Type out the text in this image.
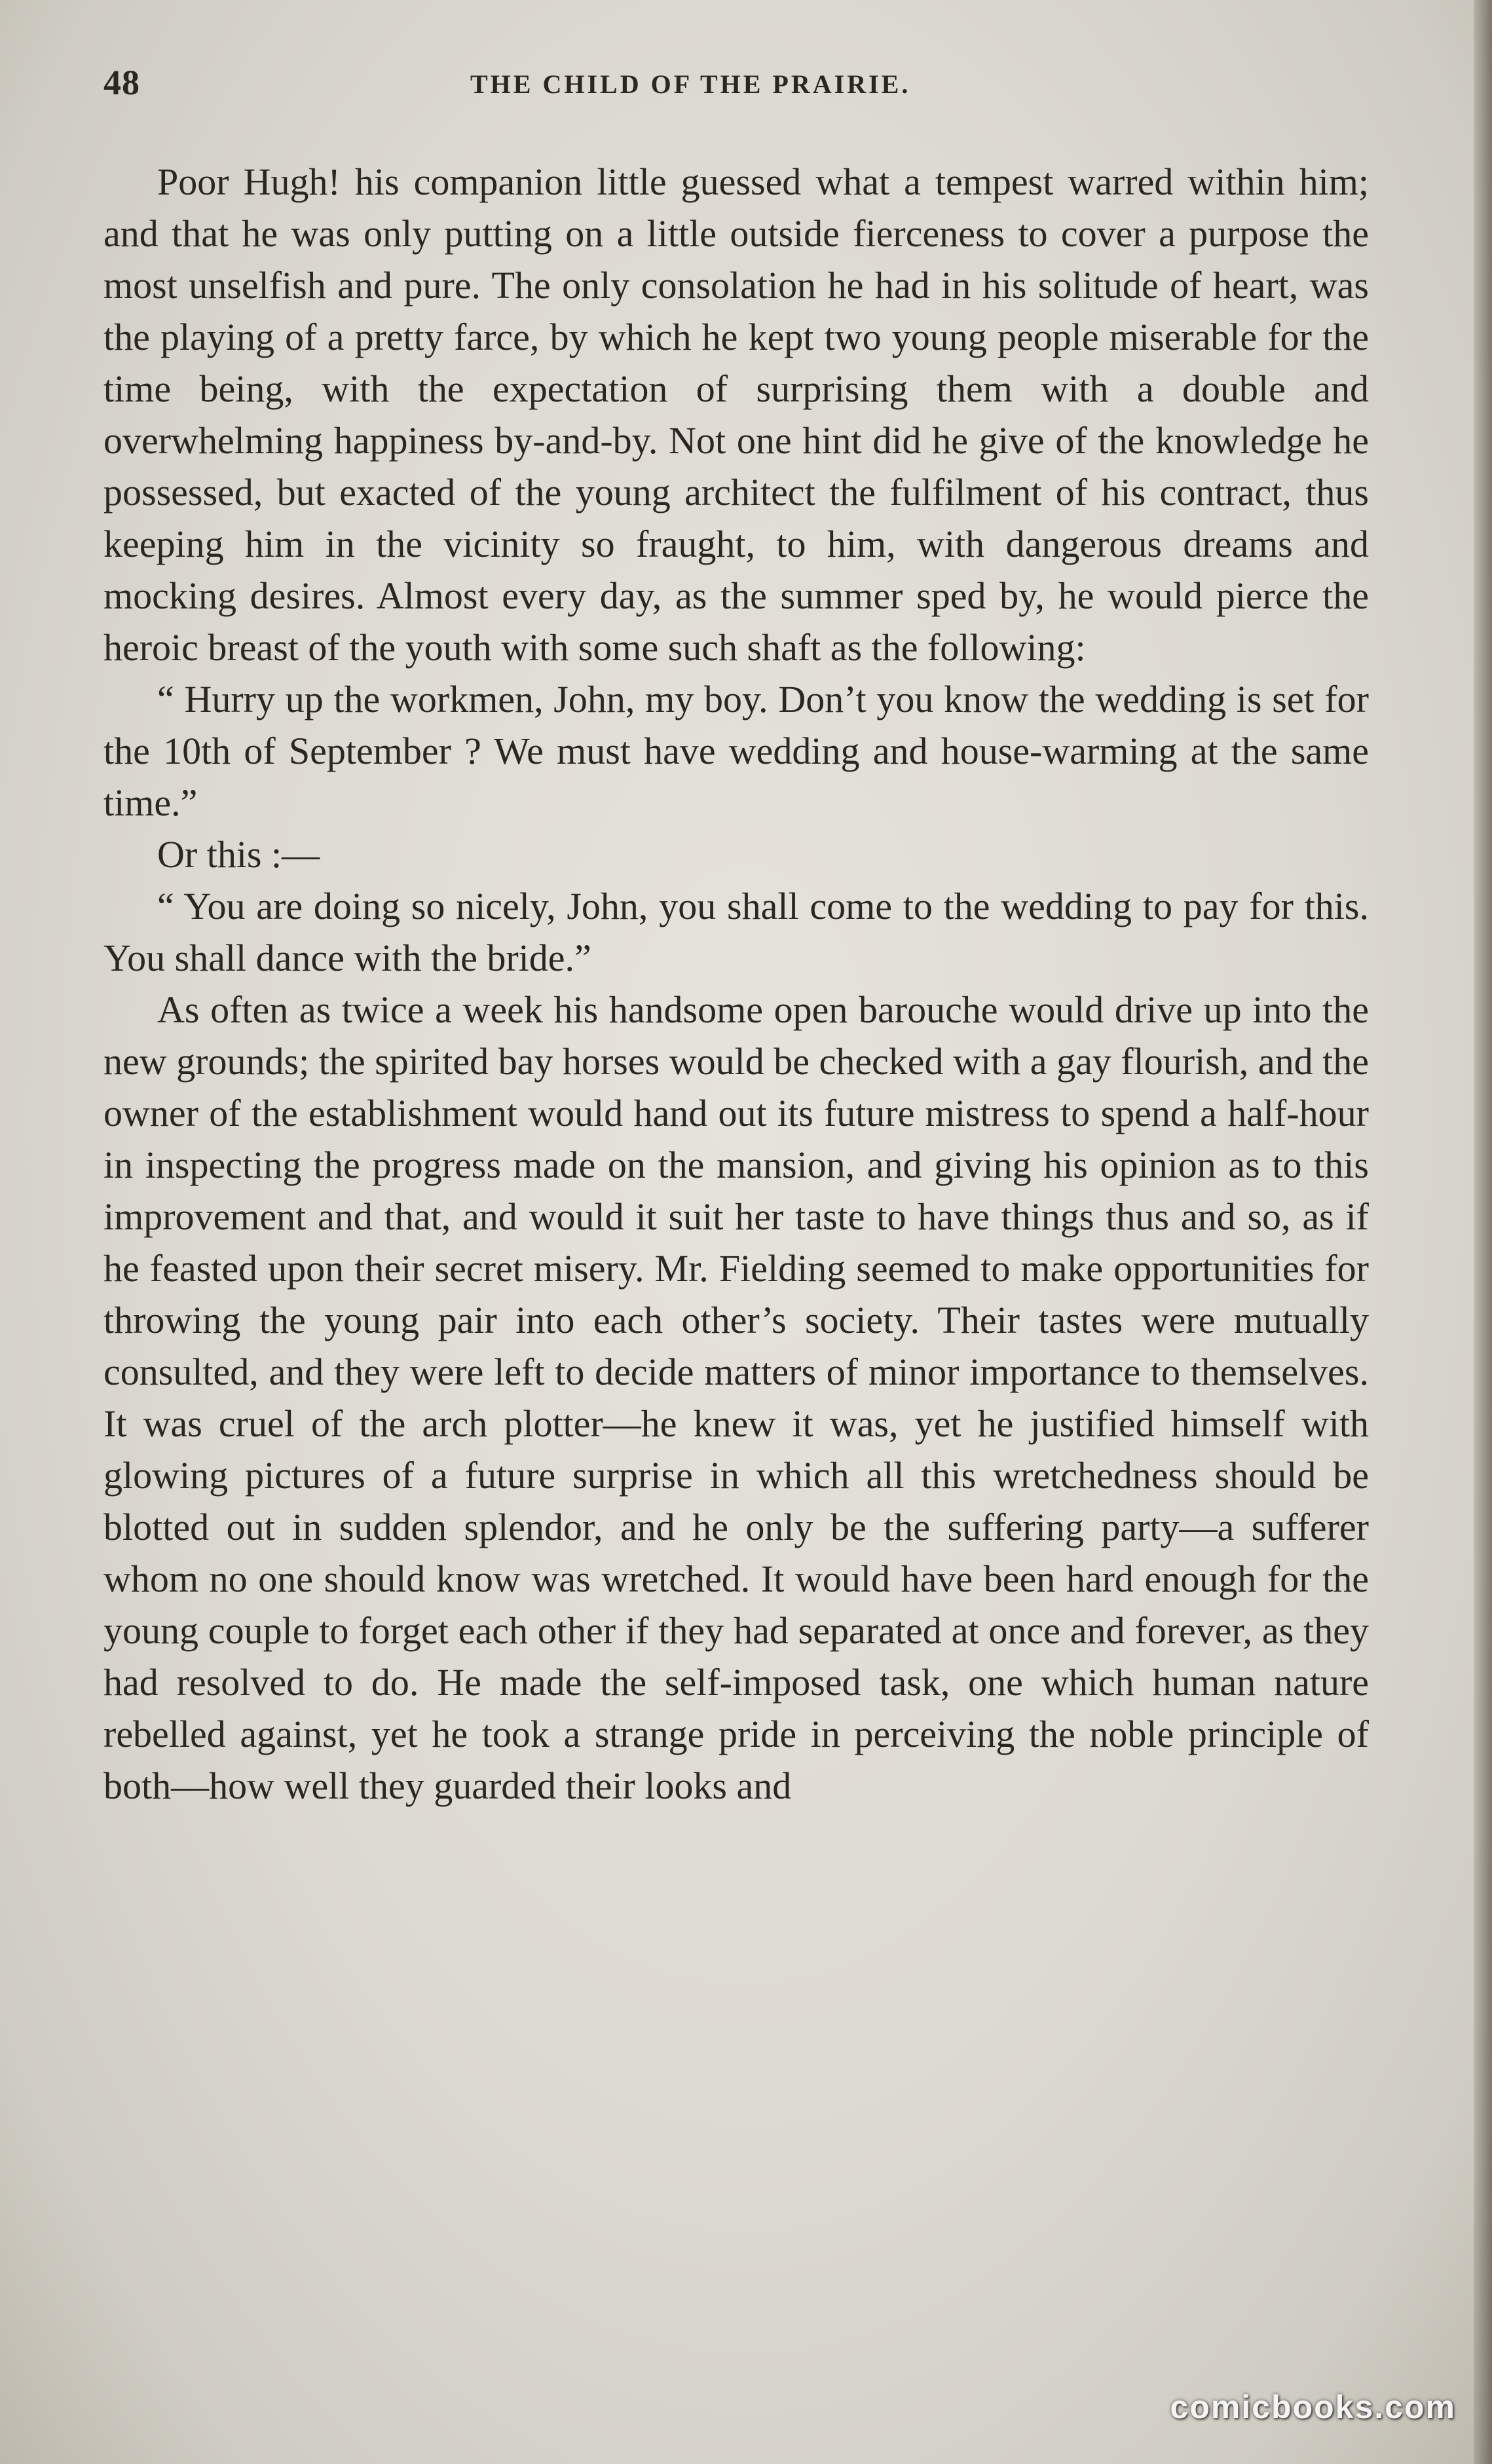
48	THE CHILD OF THE PRAIRIE.

Poor Hugh! his companion little guessed what a tempest warred within him; and that he was only putting on a little outside fierceness to cover a purpose the most unselfish and pure. The only consolation he had in his solitude of heart, was the playing of a pretty farce, by which he kept two young people miserable for the time being, with the expectation of surprising them with a double and overwhelming happiness by-and-by. Not one hint did he give of the knowledge he possessed, but exacted of the young architect the fulfilment of his contract, thus keeping him in the vicinity so fraught, to him, with dangerous dreams and mocking desires. Almost every day, as the summer sped by, he would pierce the heroic breast of the youth with some such shaft as the following:

“ Hurry up the workmen, John, my boy. Don’t you know the wedding is set for the 10th of September ? We must have wedding and house-warming at the same time.”

Or this :—

“ You are doing so nicely, John, you shall come to the wedding to pay for this. You shall dance with the bride.”

As often as twice a week his handsome open barouche would drive up into the new grounds; the spirited bay horses would be checked with a gay flourish, and the owner of the establishment would hand out its future mistress to spend a half-hour in inspecting the progress made on the mansion, and giving his opinion as to this improvement and that, and would it suit her taste to have things thus and so, as if he feasted upon their secret misery. Mr. Fielding seemed to make opportunities for throwing the young pair into each other’s society. Their tastes were mutually consulted, and they were left to decide matters of minor importance to themselves. It was cruel of the arch plotter—he knew it was, yet he justified himself with glowing pictures of a future surprise in which all this wretchedness should be blotted out in sudden splendor, and he only be the suffering party—a sufferer whom no one should know was wretched. It would have been hard enough for the young couple to forget each other if they had separated at once and forever, as they had resolved to do. He made the self-imposed task, one which human nature rebelled against, yet he took a strange pride in perceiving the noble principle of both—how well they guarded their looks and

comicbooks.com
